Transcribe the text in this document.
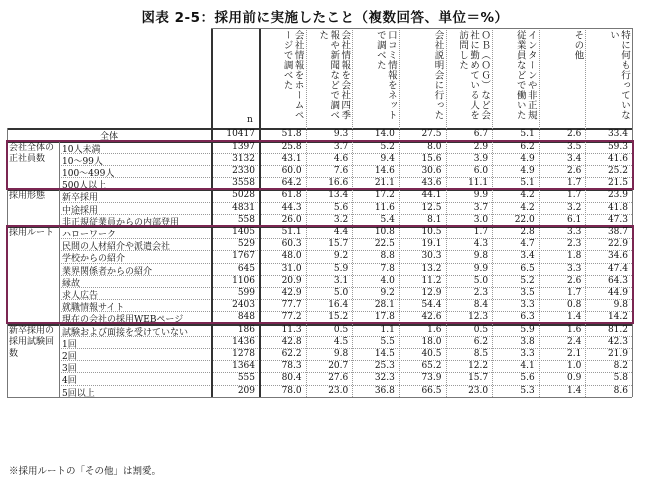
図表 2-5：採用前に実施したこと（複数回答、単位＝%）
会社情報をホームページで調べた	会社情報を会社四季報や新聞などで調べた	口コミ情報をネットで調べた	会社説明会に行った	ＯＢ（ＯＧ）など会社に勤めている人を訪問した	インターンや非正規従業員などで働いた	その他	特に何も行っていない
n
全体	10417	51.8	9.3	14.0	27.5	6.7	5.1	2.6	33.4
会社全体の正社員数
10人未満	1397	25.8	3.7	5.2	8.0	2.9	6.2	3.5	59.3
10～99人	3132	43.1	4.6	9.4	15.6	3.9	4.9	3.4	41.6
100～499人	2330	60.0	7.6	14.6	30.6	6.0	4.9	2.6	25.2
500人以上	3558	64.2	16.6	21.1	43.6	11.1	5.1	1.7	21.5
採用形態	新卒採用	5028	61.8	13.4	17.2	44.1	9.9	4.2	1.7	23.9
中途採用	4831	44.3	5.6	11.6	12.5	3.7	4.2	3.2	41.8
非正規従業員からの内部登用	558	26.0	3.2	5.4	8.1	3.0	22.0	6.1	47.3
採用ルート ハローワーク	1405	51.1	4.4	10.8	10.5	1.7	2.8	3.3	38.7
民間の人材紹介や派遣会社	529	60.3	15.7	22.5	19.1	4.3	4.7	2.3	22.9
学校からの紹介	1767	48.0	9.2	8.8	30.3	9.8	3.4	1.8	34.6
業界関係者からの紹介	645	31.0	5.9	7.8	13.2	9.9	6.5	3.3	47.4
縁故	1106	20.9	3.1	4.0	11.2	5.0	5.2	2.6	64.3
求人広告	599	42.9	5.0	9.2	12.9	2.3	3.5	1.7	44.9
就職情報サイト	2403	77.7	16.4	28.1	54.4	8.4	3.3	0.8	9.8
現在の会社の採用WEBページ	848	77.2	15.2	17.8	42.6	12.3	6.3	1.4	14.2
新卒採用の採用試験回数
試験および面接を受けていない	186	11.3	0.5	1.1	1.6	0.5	5.9	1.6	81.2
1回	1436	42.8	4.5	5.5	18.0	6.2	3.8	2.4	42.3
2回	1278	62.2	9.8	14.5	40.5	8.5	3.3	2.1	21.9
3回	1364	78.3	20.7	25.3	65.2	12.2	4.1	1.0	8.2
4回	555	80.4	27.6	32.3	73.9	15.7	5.6	0.9	5.8
5回以上	209	78.0	23.0	36.8	66.5	23.0	5.3	1.4	8.6
※採用ルートの「その他」は割愛。
